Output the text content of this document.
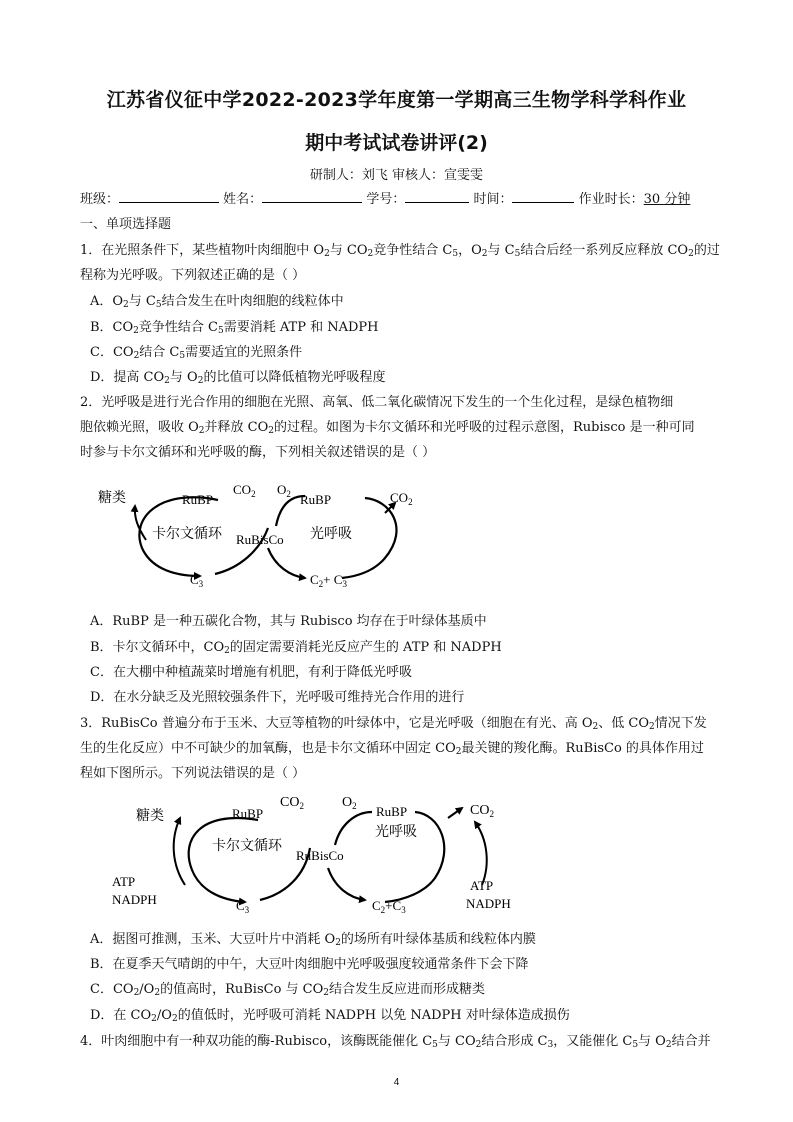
江苏省仪征中学2022-2023学年度第一学期高三生物学科学科作业
期中考试试卷讲评(2)
研制人：刘飞 审核人：宣雯雯
班级：	姓名：	学号：	时间：	作业时长：30 分钟
一、单项选择题
1．在光照条件下，某些植物叶肉细胞中 $O_2$与 $CO_2$竞争性结合 $C_5$，$O_2$与 $C_5$结合后经一系列反应释放 $CO_2$的过
程称为光呼吸。下列叙述正确的是（ ）
A．$O_2$与 $C_5$结合发生在叶肉细胞的线粒体中
B．$CO_2$竞争性结合 $C_5$需要消耗 ATP 和 NADPH
C．$CO_2$结合 $C_5$需要适宜的光照条件
D．提高 $CO_2$与 $O_2$的比值可以降低植物光呼吸程度
2．光呼吸是进行光合作用的细胞在光照、高氧、低二氧化碳情况下发生的一个生化过程，是绿色植物细
胞依赖光照，吸收 $O_2$并释放 $CO_2$的过程。如图为卡尔文循环和光呼吸的过程示意图，Rubisco 是一种可同
时参与卡尔文循环和光呼吸的酶，下列相关叙述错误的是（ ）
糖类	RuBP
$CO_2$ $O_2$ RuBP	$CO_2$
卡尔文循环 RuBisCo 光呼吸
$C_3$	$C_2+ C_3$
A．RuBP 是一种五碳化合物，其与 Rubisco 均存在于叶绿体基质中
B．卡尔文循环中，$CO_2$的固定需要消耗光反应产生的 ATP 和 NADPH
C．在大棚中种植蔬菜时增施有机肥，有利于降低光呼吸
D．在水分缺乏及光照较强条件下，光呼吸可维持光合作用的进行
3．RuBisCo 普遍分布于玉米、大豆等植物的叶绿体中，它是光呼吸（细胞在有光、高 $O_2$、低 $CO_2$情况下发
生的生化反应）中不可缺少的加氧酶，也是卡尔文循环中固定 $CO_2$最关键的羧化酶。RuBisCo 的具体作用过
程如下图所示。下列说法错误的是（ ）
糖类	RuBP
$CO_2$	$O_2$ RuBP	$CO_2$
卡尔文循环
RuBisCo
光呼吸
ATP
NADPH
ATP
NADPH
$C_3$	$C_2+C_3$
A．据图可推测，玉米、大豆叶片中消耗 $O_2$的场所有叶绿体基质和线粒体内膜
B．在夏季天气晴朗的中午，大豆叶肉细胞中光呼吸强度较通常条件下会下降
C．$CO_2/O_2$的值高时，RuBisCo 与 $CO_2$结合发生反应进而形成糖类
D．在 $CO_2/O_2$的值低时，光呼吸可消耗 NADPH 以免 NADPH 对叶绿体造成损伤
4．叶肉细胞中有一种双功能的酶-Rubisco，该酶既能催化 $C_5$与 $CO_2$结合形成 $C_3$，又能催化 $C_5$与 $O_2$结合并
4
